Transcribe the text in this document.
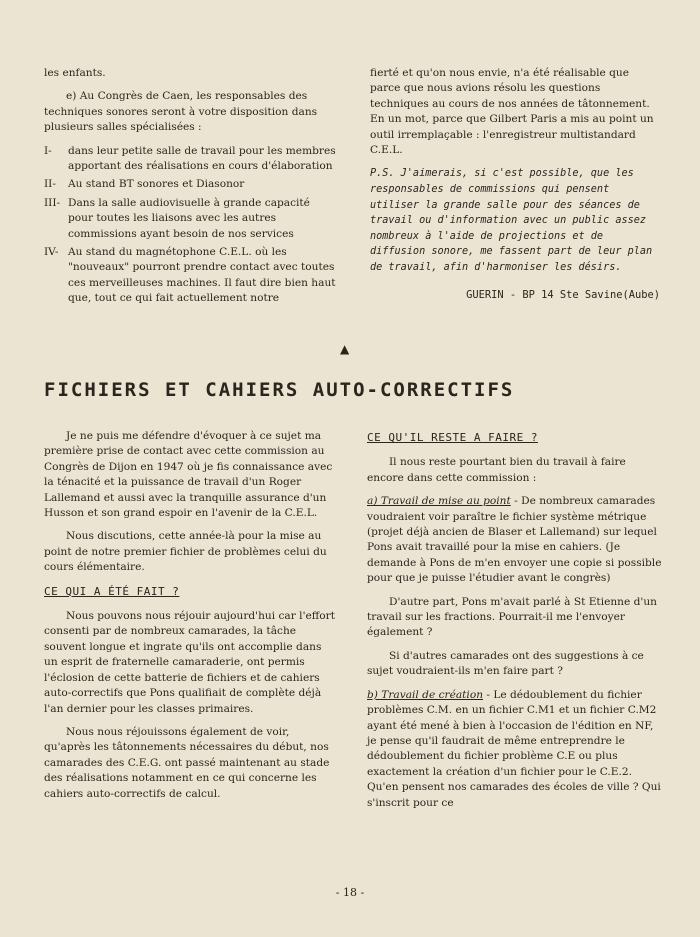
les enfants.

e) Au Congrès de Caen, les responsables des techniques sonores seront à votre disposition dans plusieurs salles spécialisées :

I-	dans leur petite salle de travail pour les membres apportant des réalisations en cours d'élaboration
II-	Au stand BT sonores et Diasonor
III- Dans la salle audiovisuelle à grande capacité pour toutes les liaisons avec les autres commissions ayant besoin de nos services
IV- Au stand du magnétophone C.E.L. où les "nouveaux" pourront prendre contact avec toutes ces merveilleuses machines. Il faut dire bien haut que, tout ce qui fait actuellement notre

fierté et qu'on nous envie, n'a été réalisable que parce que nous avions résolu les questions techniques au cours de nos années de tâtonnement. En un mot, parce que Gilbert Paris a mis au point un outil irremplaçable : l'enregistreur multistandard C.E.L.

P.S. J'aimerais, si c'est possible, que les responsables de commissions qui pensent utiliser la grande salle pour des séances de travail ou d'information avec un public assez nombreux à l'aide de projections et de diffusion sonore, me fassent part de leur plan de travail, afin d'harmoniser les désirs.

GUERIN - BP 14 Ste Savine(Aube)
▲
FICHIERS ET CAHIERS AUTO-CORRECTIFS

Je ne puis me défendre d'évoquer à ce sujet ma première prise de contact avec cette commission au Congrès de Dijon en 1947 où je fis connaissance avec la ténacité et la puissance de travail d'un Roger Lallemand et aussi avec la tranquille assurance d'un Husson et son grand espoir en l'avenir de la C.E.L.

Nous discutions, cette année-là pour la mise au point de notre premier fichier de problèmes celui du cours élémentaire.

CE QUI A ÉTÉ FAIT ?

Nous pouvons nous réjouir aujourd'hui car l'effort consenti par de nombreux camarades, la tâche souvent longue et ingrate qu'ils ont accomplie dans un esprit de fraternelle camaraderie, ont permis l'éclosion de cette batterie de fichiers et de cahiers auto-correctifs que Pons qualifiait de complète déjà l'an dernier pour les classes primaires.

Nous nous réjouissons également de voir, qu'après les tâtonnements nécessaires du début, nos camarades des C.E.G. ont passé maintenant au stade des réalisations notamment en ce qui concerne les cahiers auto-correctifs de calcul.

CE QU'IL RESTE A FAIRE ?

Il nous reste pourtant bien du travail à faire encore dans cette commission :

a) Travail de mise au point - De nombreux camarades voudraient voir paraître le fichier système métrique (projet déjà ancien de Blaser et Lallemand) sur lequel Pons avait travaillé pour la mise en cahiers. (Je demande à Pons de m'en envoyer une copie si possible pour que je puisse l'étudier avant le congrès)

D'autre part, Pons m'avait parlé à St Etienne d'un travail sur les fractions. Pourrait-il me l'envoyer également ?

Si d'autres camarades ont des suggestions à ce sujet voudraient-ils m'en faire part ?

b) Travail de création - Le dédoublement du fichier problèmes C.M. en un fichier C.M1 et un fichier C.M2 ayant été mené à bien à l'occasion de l'édition en NF, je pense qu'il faudrait de même entreprendre le dédoublement du fichier problème C.E ou plus exactement la création d'un fichier pour le C.E.2. Qu'en pensent nos camarades des écoles de ville ? Qui s'inscrit pour ce

- 18 -
